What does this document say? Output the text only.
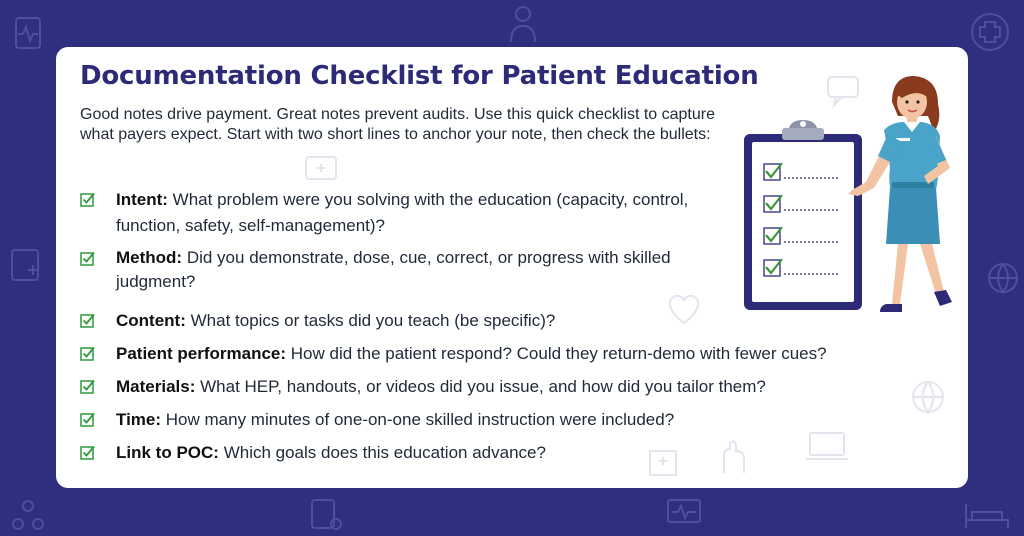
Documentation Checklist for Patient Education

Good notes drive payment. Great notes prevent audits. Use this quick checklist to capture what payers expect. Start with two short lines to anchor your note, then check the bullets:

Intent: What problem were you solving with the education (capacity, control, function, safety, self-management)?
Method: Did you demonstrate, dose, cue, correct, or progress with skilled judgment?
Content: What topics or tasks did you teach (be specific)?
Patient performance: How did the patient respond? Could they return-demo with fewer cues?
Materials: What HEP, handouts, or videos did you issue, and how did you tailor them?
Time: How many minutes of one-on-one skilled instruction were included?
Link to POC: Which goals does this education advance?
